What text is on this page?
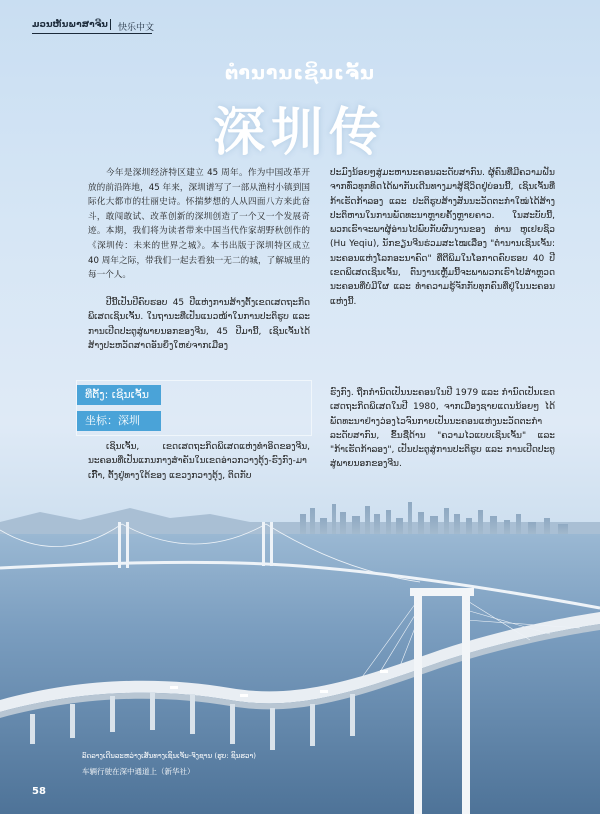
ມວນຫັນພາສາຈີນ 快乐中文
ຕຳນານເຊິນເຈັ້ນ
深圳传
今年是深圳经济特区建立 45 周年。作为中国改革开放的前沿阵地，45 年来，深圳谱写了一部从渔村小镇到国际化大都市的壮丽史诗。怀揣梦想的人从四面八方来此奋斗，敢闯敢试、改革创新的深圳创造了一个又一个发展奇迹。本期，我们将为读者带来中国当代作家胡野秋创作的《深圳传：未来的世界之城》。本书出版于深圳特区成立 40 周年之际，带我们一起去看独一无二的城，了解城里的每一个人。
ປີນີ້ເປັນປີຄົບຮອບ 45 ປີແຫ່ງການສ້າງຕັ້ງເຂດເສດຖະກິດພິເສດເຊິນເຈັ້ນ. ໃນຖານະທີ່ເປັນແນວໜ້າໃນການປະຕິຮູບ ແລະ ການເປີດປະຕູສູ່ພາຍນອກຂອງຈີນ, 45 ປີມານີ້, ເຊິນເຈັ້ນໄດ້ສ້າງປະຫວັດສາດອັນຍິ່ງໃຫຍ່ຈາກເມືອງ
ປະມົງນ້ອຍໆສູ່ມະຫານະຄອນລະດັບສາກົນ. ຜູ້ຄົນທີ່ມີຄວາມຝັນຈາກທົ່ວທຸກທິດໄດ້ພາກັນເດີນທາງມາສູ້ຊີວິດຢູ່ບ່ອນນີ້, ເຊິນເຈັ້ນທີ່ກ້າເຮັດກ້າລອງ ແລະ ປະຕິຮູບສ້າງສັນນະວັດຕະກຳໃໝ່ໄດ້ສ້າງປະຕິຫານໃນການພັດທະນາຫຼາຍຄັ້ງຫຼາຍຄາວ. ໃນສະບັບນີ້, ພວກເຮົາຈະພາຜູ້ອ່ານໄປພົບກັບຜົນງານຂອງ ທ່ານ ຫູເຢຍຊິວ (Hu Yeqiu), ນັກຂຽນຈີນຮ່ວມສະໄໝເລື່ອງ "ຕຳນານເຊິນເຈັ້ນ: ນະຄອນແຫ່ງໂລກອະນາຄົດ" ທີ່ຕີພິມໃນໂອກາດຄົບຮອບ 40 ປີເຂດພິເສດເຊິນເຈັ້ນ, ຕົນງານເຫຼັ້ມນີ້ຈະພາພວກເຮົາໄປສຳຫຼວດນະຄອນທີ່ບໍ່ມີໃຜ ແລະ ທຳຄວາມຮູ້ຈັກກັບທຸກຄົນທີ່ຢູ່ໃນນະຄອນແຫ່ງນີ້.
ທີ່ຕັ້ງ: ເຊິນເຈັ້ນ
坐标：深圳
ເຊິນເຈັ້ນ, ເຂດເສດຖະກິດພິເສດແຫ່ງທຳອິດຂອງຈີນ, ນະຄອນທີ່ເປັນແກນກາງສຳຄັນໃນເຂດອ່າວກວາງຕຸ້ງ-ຮົງກົງ-ມາເກົ໊າ, ຕັ້ງຢູ່ທາງໃຕ້ຂອງ ແຂວງກວາງຕຸ້ງ, ຕິດກັບ
ຮົງກົງ. ຖືກກຳນົດເປັນນະຄອນໃນປີ 1979 ແລະ ກຳນົດເປັນເຂດເສດຖະກິດພິເສດໃນປີ 1980, ຈາກເມືອງຊາຍແດນນ້ອຍໆ ໄດ້ພັດທະນາຢ່າງວ່ອງໄວຈົນກາຍເປັນນະຄອນແຫ່ງນະວັດຕະກຳລະດັບສາກົນ, ຂຶ້ນຊື່ດ້ານ "ຄວາມໄວແບບເຊິນເຈັ້ນ" ແລະ "ກ້າເຮັດກ້າລອງ", ເປັນປະຕູສູ່ການປະຕິຮູບ ແລະ ການເປີດປະຕູສູ່ພາຍນອກຂອງຈີນ.
ລົດລາງເດີນລະຫວ່າງເສັ້ນທາງເຊິນເຈັ້ນ-ຈົງຊານ (ຮູບ: ຊິນຮວາ)
车辆行驶在深中通道上（新华社）
58
